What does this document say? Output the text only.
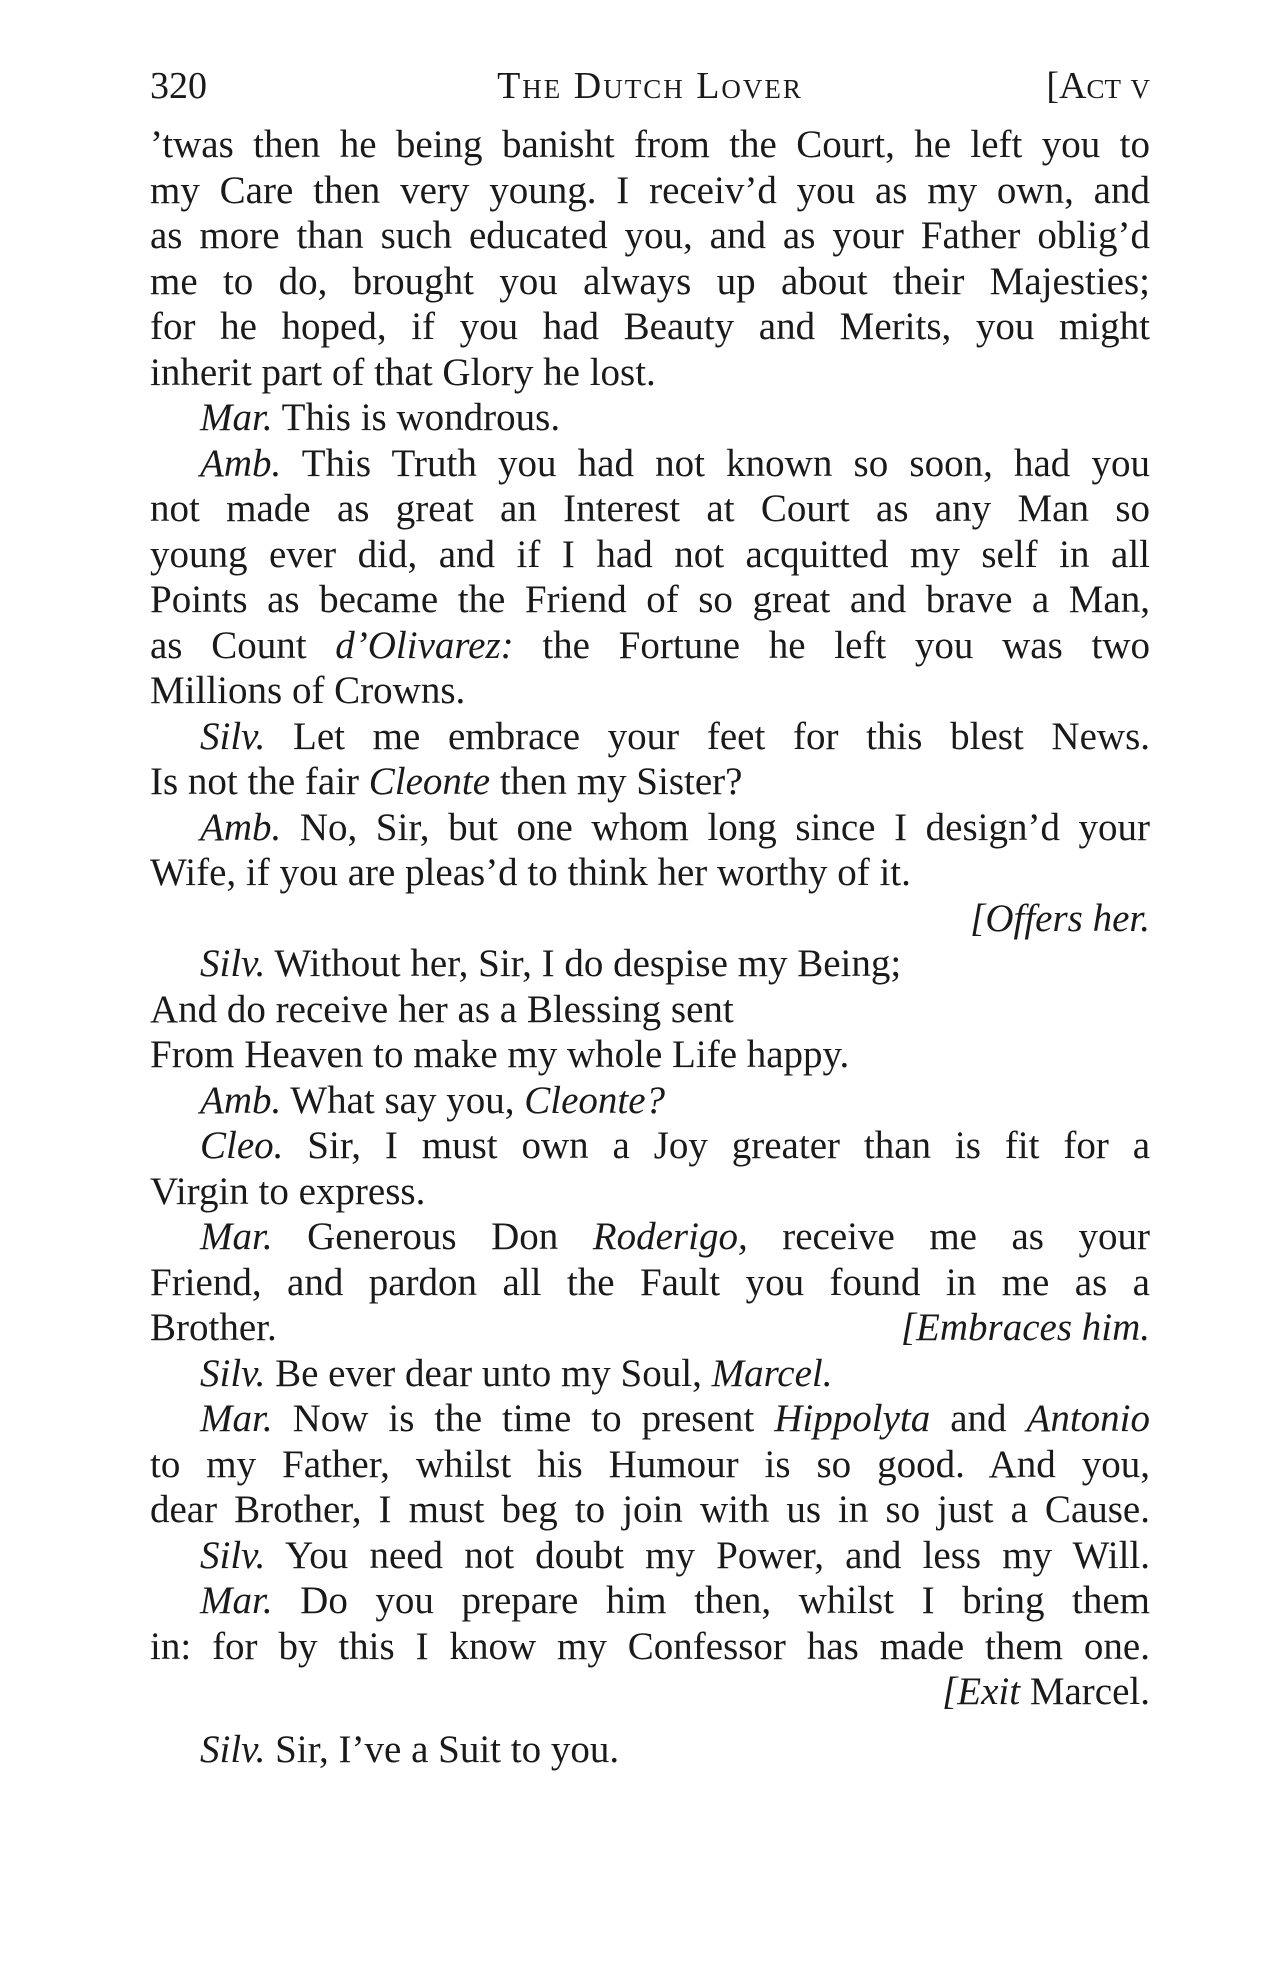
320	The Dutch Lover	[Act v
’twas then he being banisht from the Court, he left you to
my Care then very young. I receiv’d you as my own, and
as more than such educated you, and as your Father oblig’d
me to do, brought you always up about their Majesties;
for he hoped, if you had Beauty and Merits, you might
inherit part of that Glory he lost.
Mar. This is wondrous.
Amb. This Truth you had not known so soon, had you
not made as great an Interest at Court as any Man so
young ever did, and if I had not acquitted my self in all
Points as became the Friend of so great and brave a Man,
as Count d’Olivarez: the Fortune he left you was two
Millions of Crowns.
Silv. Let me embrace your feet for this blest News.
Is not the fair Cleonte then my Sister?
Amb. No, Sir, but one whom long since I design’d your
Wife, if you are pleas’d to think her worthy of it.
[Offers her.
Silv. Without her, Sir, I do despise my Being;
And do receive her as a Blessing sent
From Heaven to make my whole Life happy.
Amb. What say you, Cleonte?
Cleo. Sir, I must own a Joy greater than is fit for a
Virgin to express.
Mar. Generous Don Roderigo, receive me as your
Friend, and pardon all the Fault you found in me as a
Brother.	[Embraces him.
Silv. Be ever dear unto my Soul, Marcel.
Mar. Now is the time to present Hippolyta and Antonio
to my Father, whilst his Humour is so good. And you,
dear Brother, I must beg to join with us in so just a Cause.
Silv. You need not doubt my Power, and less my Will.
Mar. Do you prepare him then, whilst I bring them
in: for by this I know my Confessor has made them one.
[Exit Marcel.
Silv. Sir, I’ve a Suit to you.
